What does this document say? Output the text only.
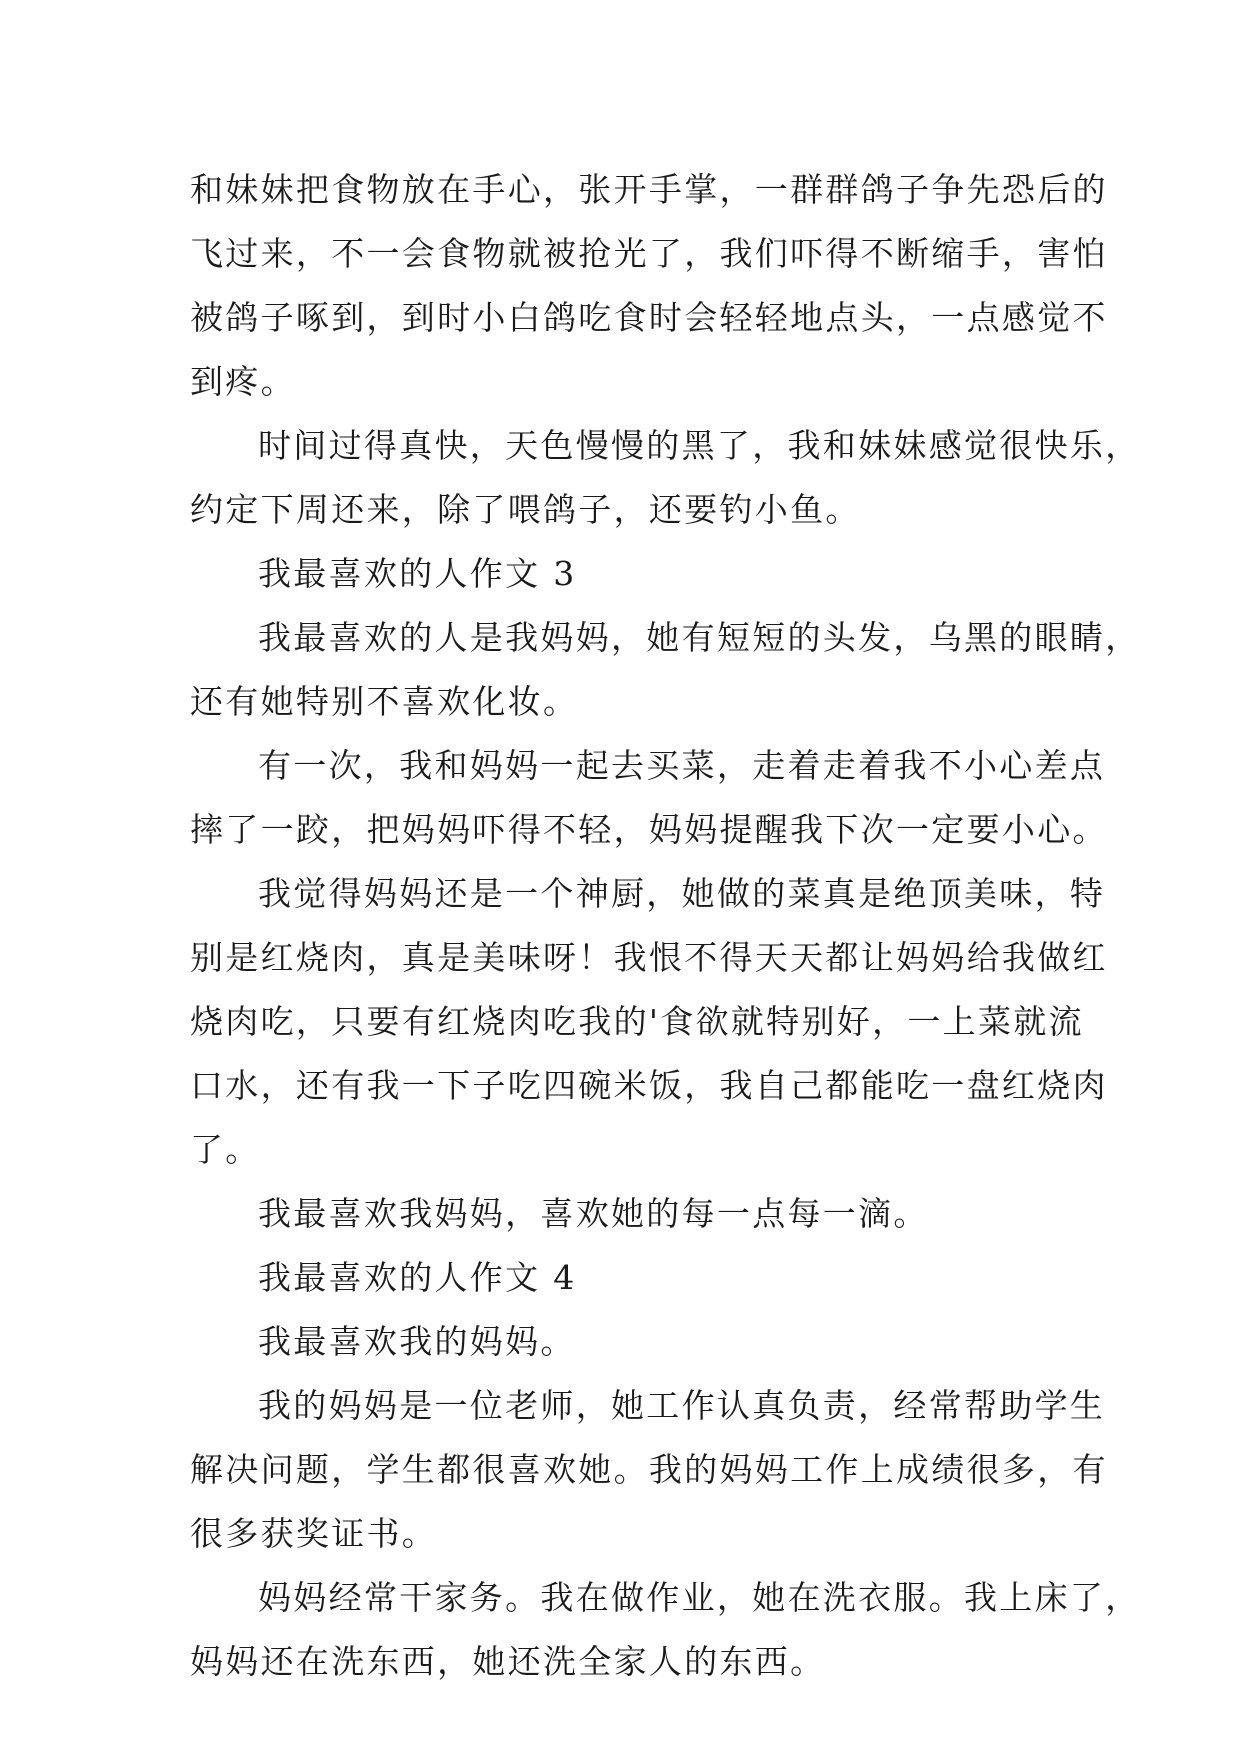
和妹妹把食物放在手心，张开手掌，一群群鸽子争先恐后的
飞过来，不一会食物就被抢光了，我们吓得不断缩手，害怕
被鸽子啄到，到时小白鸽吃食时会轻轻地点头，一点感觉不
到疼。
时间过得真快，天色慢慢的黑了，我和妹妹感觉很快乐，
约定下周还来，除了喂鸽子，还要钓小鱼。
我最喜欢的人作文 3
我最喜欢的人是我妈妈，她有短短的头发，乌黑的眼睛，
还有她特别不喜欢化妆。
有一次，我和妈妈一起去买菜，走着走着我不小心差点
摔了一跤，把妈妈吓得不轻，妈妈提醒我下次一定要小心。
我觉得妈妈还是一个神厨，她做的菜真是绝顶美味，特
别是红烧肉，真是美味呀！我恨不得天天都让妈妈给我做红
烧肉吃，只要有红烧肉吃我的'食欲就特别好，一上菜就流
口水，还有我一下子吃四碗米饭，我自己都能吃一盘红烧肉
了。
我最喜欢我妈妈，喜欢她的每一点每一滴。
我最喜欢的人作文 4
我最喜欢我的妈妈。
我的妈妈是一位老师，她工作认真负责，经常帮助学生
解决问题，学生都很喜欢她。我的妈妈工作上成绩很多，有
很多获奖证书。
妈妈经常干家务。我在做作业，她在洗衣服。我上床了，
妈妈还在洗东西，她还洗全家人的东西。
